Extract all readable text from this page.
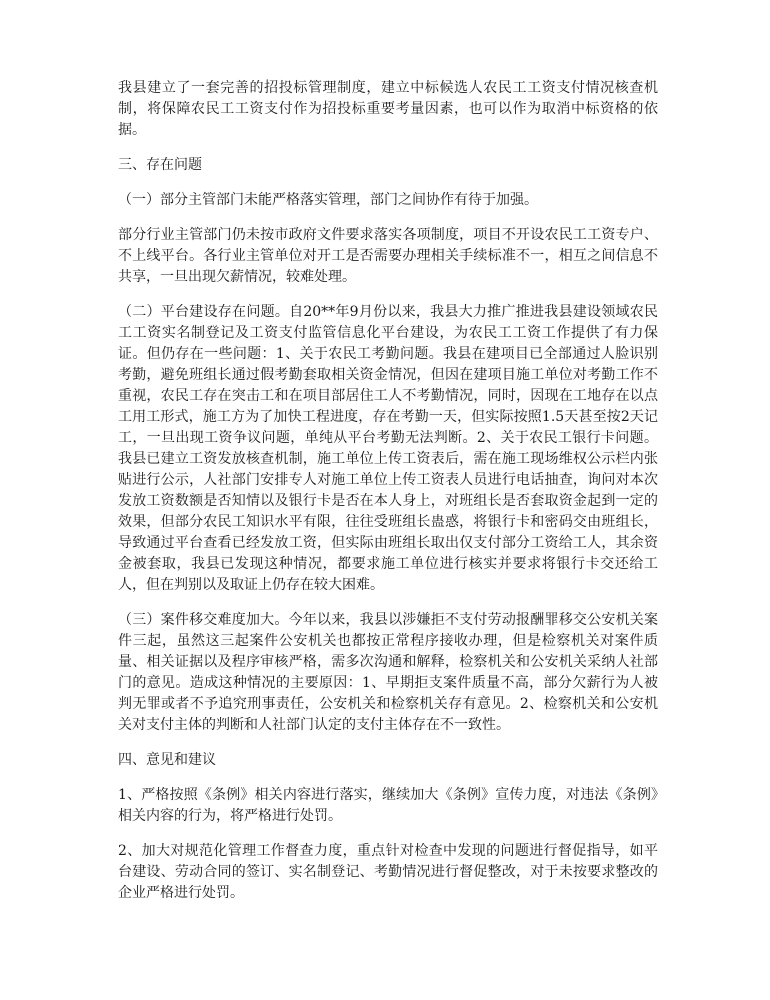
我县建立了一套完善的招投标管理制度，建立中标候选人农民工工资支付情况核查机制，将保障农民工工资支付作为招投标重要考量因素，也可以作为取消中标资格的依据。

三、存在问题

（一）部分主管部门未能严格落实管理，部门之间协作有待于加强。

部分行业主管部门仍未按市政府文件要求落实各项制度，项目不开设农民工工资专户、不上线平台。各行业主管单位对开工是否需要办理相关手续标准不一，相互之间信息不共享，一旦出现欠薪情况，较难处理。

（二）平台建设存在问题。自20**年9月份以来，我县大力推广推进我县建设领域农民工工资实名制登记及工资支付监管信息化平台建设，为农民工工资工作提供了有力保证。但仍存在一些问题：1、关于农民工考勤问题。我县在建项目已全部通过人脸识别考勤，避免班组长通过假考勤套取相关资金情况，但因在建项目施工单位对考勤工作不重视，农民工存在突击工和在项目部居住工人不考勤情况，同时，因现在工地存在以点工用工形式，施工方为了加快工程进度，存在考勤一天，但实际按照1.5天甚至按2天记工，一旦出现工资争议问题，单纯从平台考勤无法判断。2、关于农民工银行卡问题。我县已建立工资发放核查机制，施工单位上传工资表后，需在施工现场维权公示栏内张贴进行公示，人社部门安排专人对施工单位上传工资表人员进行电话抽查，询问对本次发放工资数额是否知情以及银行卡是否在本人身上，对班组长是否套取资金起到一定的效果，但部分农民工知识水平有限，往往受班组长蛊惑，将银行卡和密码交由班组长，导致通过平台查看已经发放工资，但实际由班组长取出仅支付部分工资给工人，其余资金被套取，我县已发现这种情况，都要求施工单位进行核实并要求将银行卡交还给工人，但在判别以及取证上仍存在较大困难。

（三）案件移交难度加大。今年以来，我县以涉嫌拒不支付劳动报酬罪移交公安机关案件三起，虽然这三起案件公安机关也都按正常程序接收办理，但是检察机关对案件质量、相关证据以及程序审核严格，需多次沟通和解释，检察机关和公安机关采纳人社部门的意见。造成这种情况的主要原因：1、早期拒支案件质量不高，部分欠薪行为人被判无罪或者不予追究刑事责任，公安机关和检察机关存有意见。2、检察机关和公安机关对支付主体的判断和人社部门认定的支付主体存在不一致性。

四、意见和建议

1、严格按照《条例》相关内容进行落实，继续加大《条例》宣传力度，对违法《条例》相关内容的行为，将严格进行处罚。

2、加大对规范化管理工作督查力度，重点针对检查中发现的问题进行督促指导，如平台建设、劳动合同的签订、实名制登记、考勤情况进行督促整改，对于未按要求整改的企业严格进行处罚。
